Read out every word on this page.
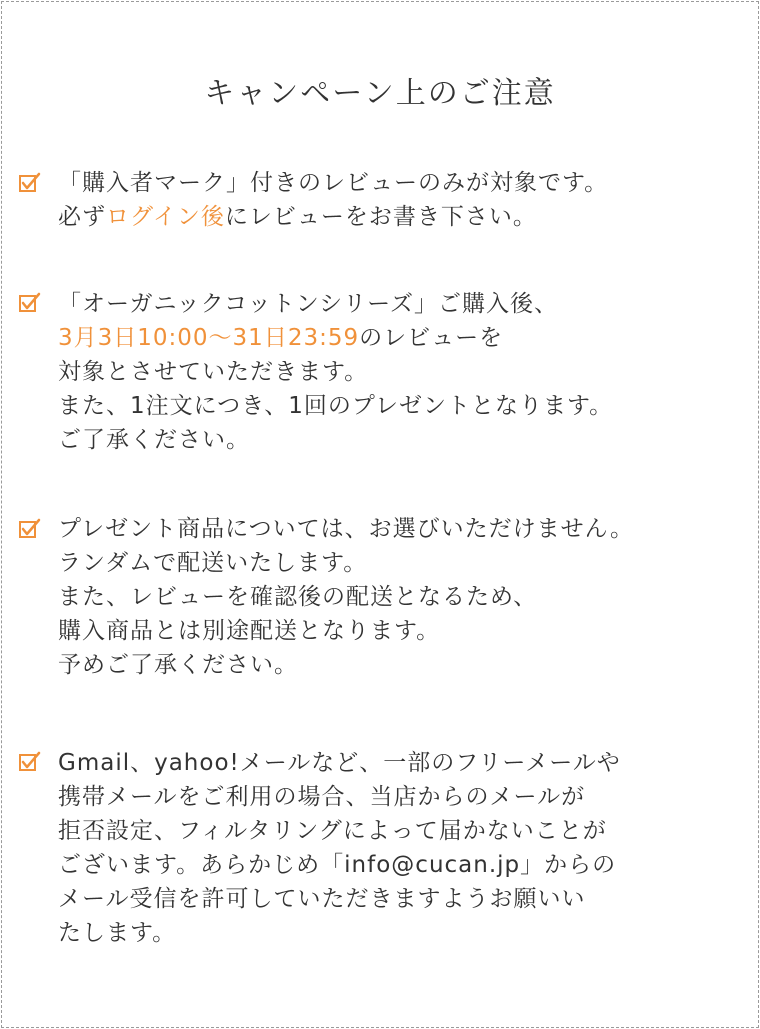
キャンペーン上のご注意
「購入者マーク」付きのレビューのみが対象です。
必ずログイン後にレビューをお書き下さい。
「オーガニックコットンシリーズ」ご購入後、
3月3日10:00～31日23:59のレビューを
対象とさせていただきます。
また、1注文につき、1回のプレゼントとなります。
ご了承ください。
プレゼント商品については、お選びいただけません。
ランダムで配送いたします。
また、レビューを確認後の配送となるため、
購入商品とは別途配送となります。
予めご了承ください。
Gmail、yahoo!メールなど、一部のフリーメールや
携帯メールをご利用の場合、当店からのメールが
拒否設定、フィルタリングによって届かないことが
ございます。あらかじめ「info@cucan.jp」からの
メール受信を許可していただきますようお願いい
たします。
